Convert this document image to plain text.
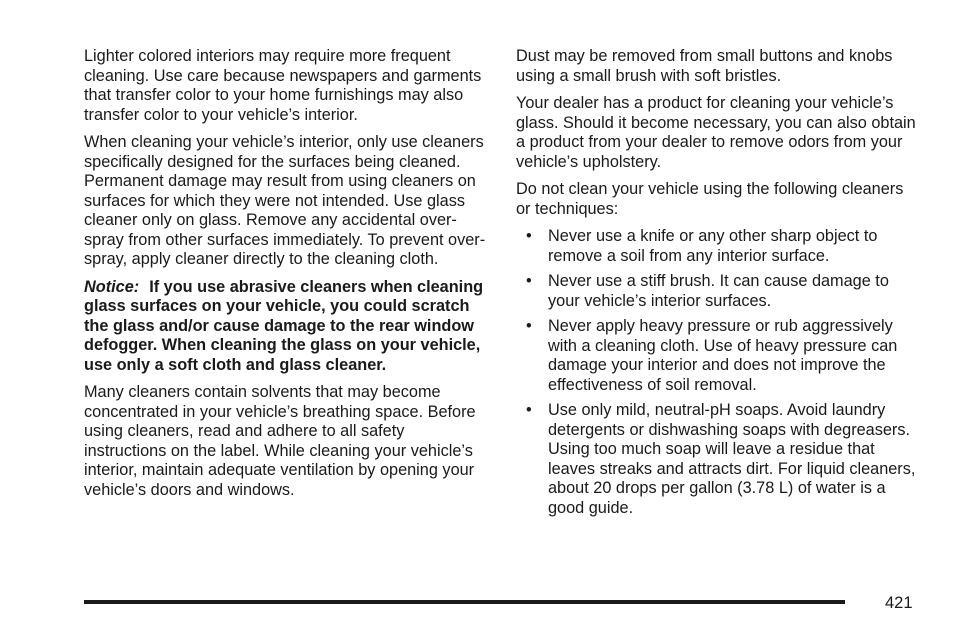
Lighter colored interiors may require more frequent cleaning. Use care because newspapers and garments that transfer color to your home furnishings may also transfer color to your vehicle’s interior.

When cleaning your vehicle’s interior, only use cleaners specifically designed for the surfaces being cleaned. Permanent damage may result from using cleaners on surfaces for which they were not intended. Use glass cleaner only on glass. Remove any accidental over-spray from other surfaces immediately. To prevent over-spray, apply cleaner directly to the cleaning cloth.

Notice: If you use abrasive cleaners when cleaning glass surfaces on your vehicle, you could scratch the glass and/or cause damage to the rear window defogger. When cleaning the glass on your vehicle, use only a soft cloth and glass cleaner.

Many cleaners contain solvents that may become concentrated in your vehicle’s breathing space. Before using cleaners, read and adhere to all safety instructions on the label. While cleaning your vehicle’s interior, maintain adequate ventilation by opening your vehicle’s doors and windows.

Dust may be removed from small buttons and knobs using a small brush with soft bristles.

Your dealer has a product for cleaning your vehicle’s glass. Should it become necessary, you can also obtain a product from your dealer to remove odors from your vehicle’s upholstery.

Do not clean your vehicle using the following cleaners or techniques:

• Never use a knife or any other sharp object to remove a soil from any interior surface.
• Never use a stiff brush. It can cause damage to your vehicle’s interior surfaces.
• Never apply heavy pressure or rub aggressively with a cleaning cloth. Use of heavy pressure can damage your interior and does not improve the effectiveness of soil removal.
• Use only mild, neutral-pH soaps. Avoid laundry detergents or dishwashing soaps with degreasers. Using too much soap will leave a residue that leaves streaks and attracts dirt. For liquid cleaners, about 20 drops per gallon (3.78 L) of water is a good guide.
421
